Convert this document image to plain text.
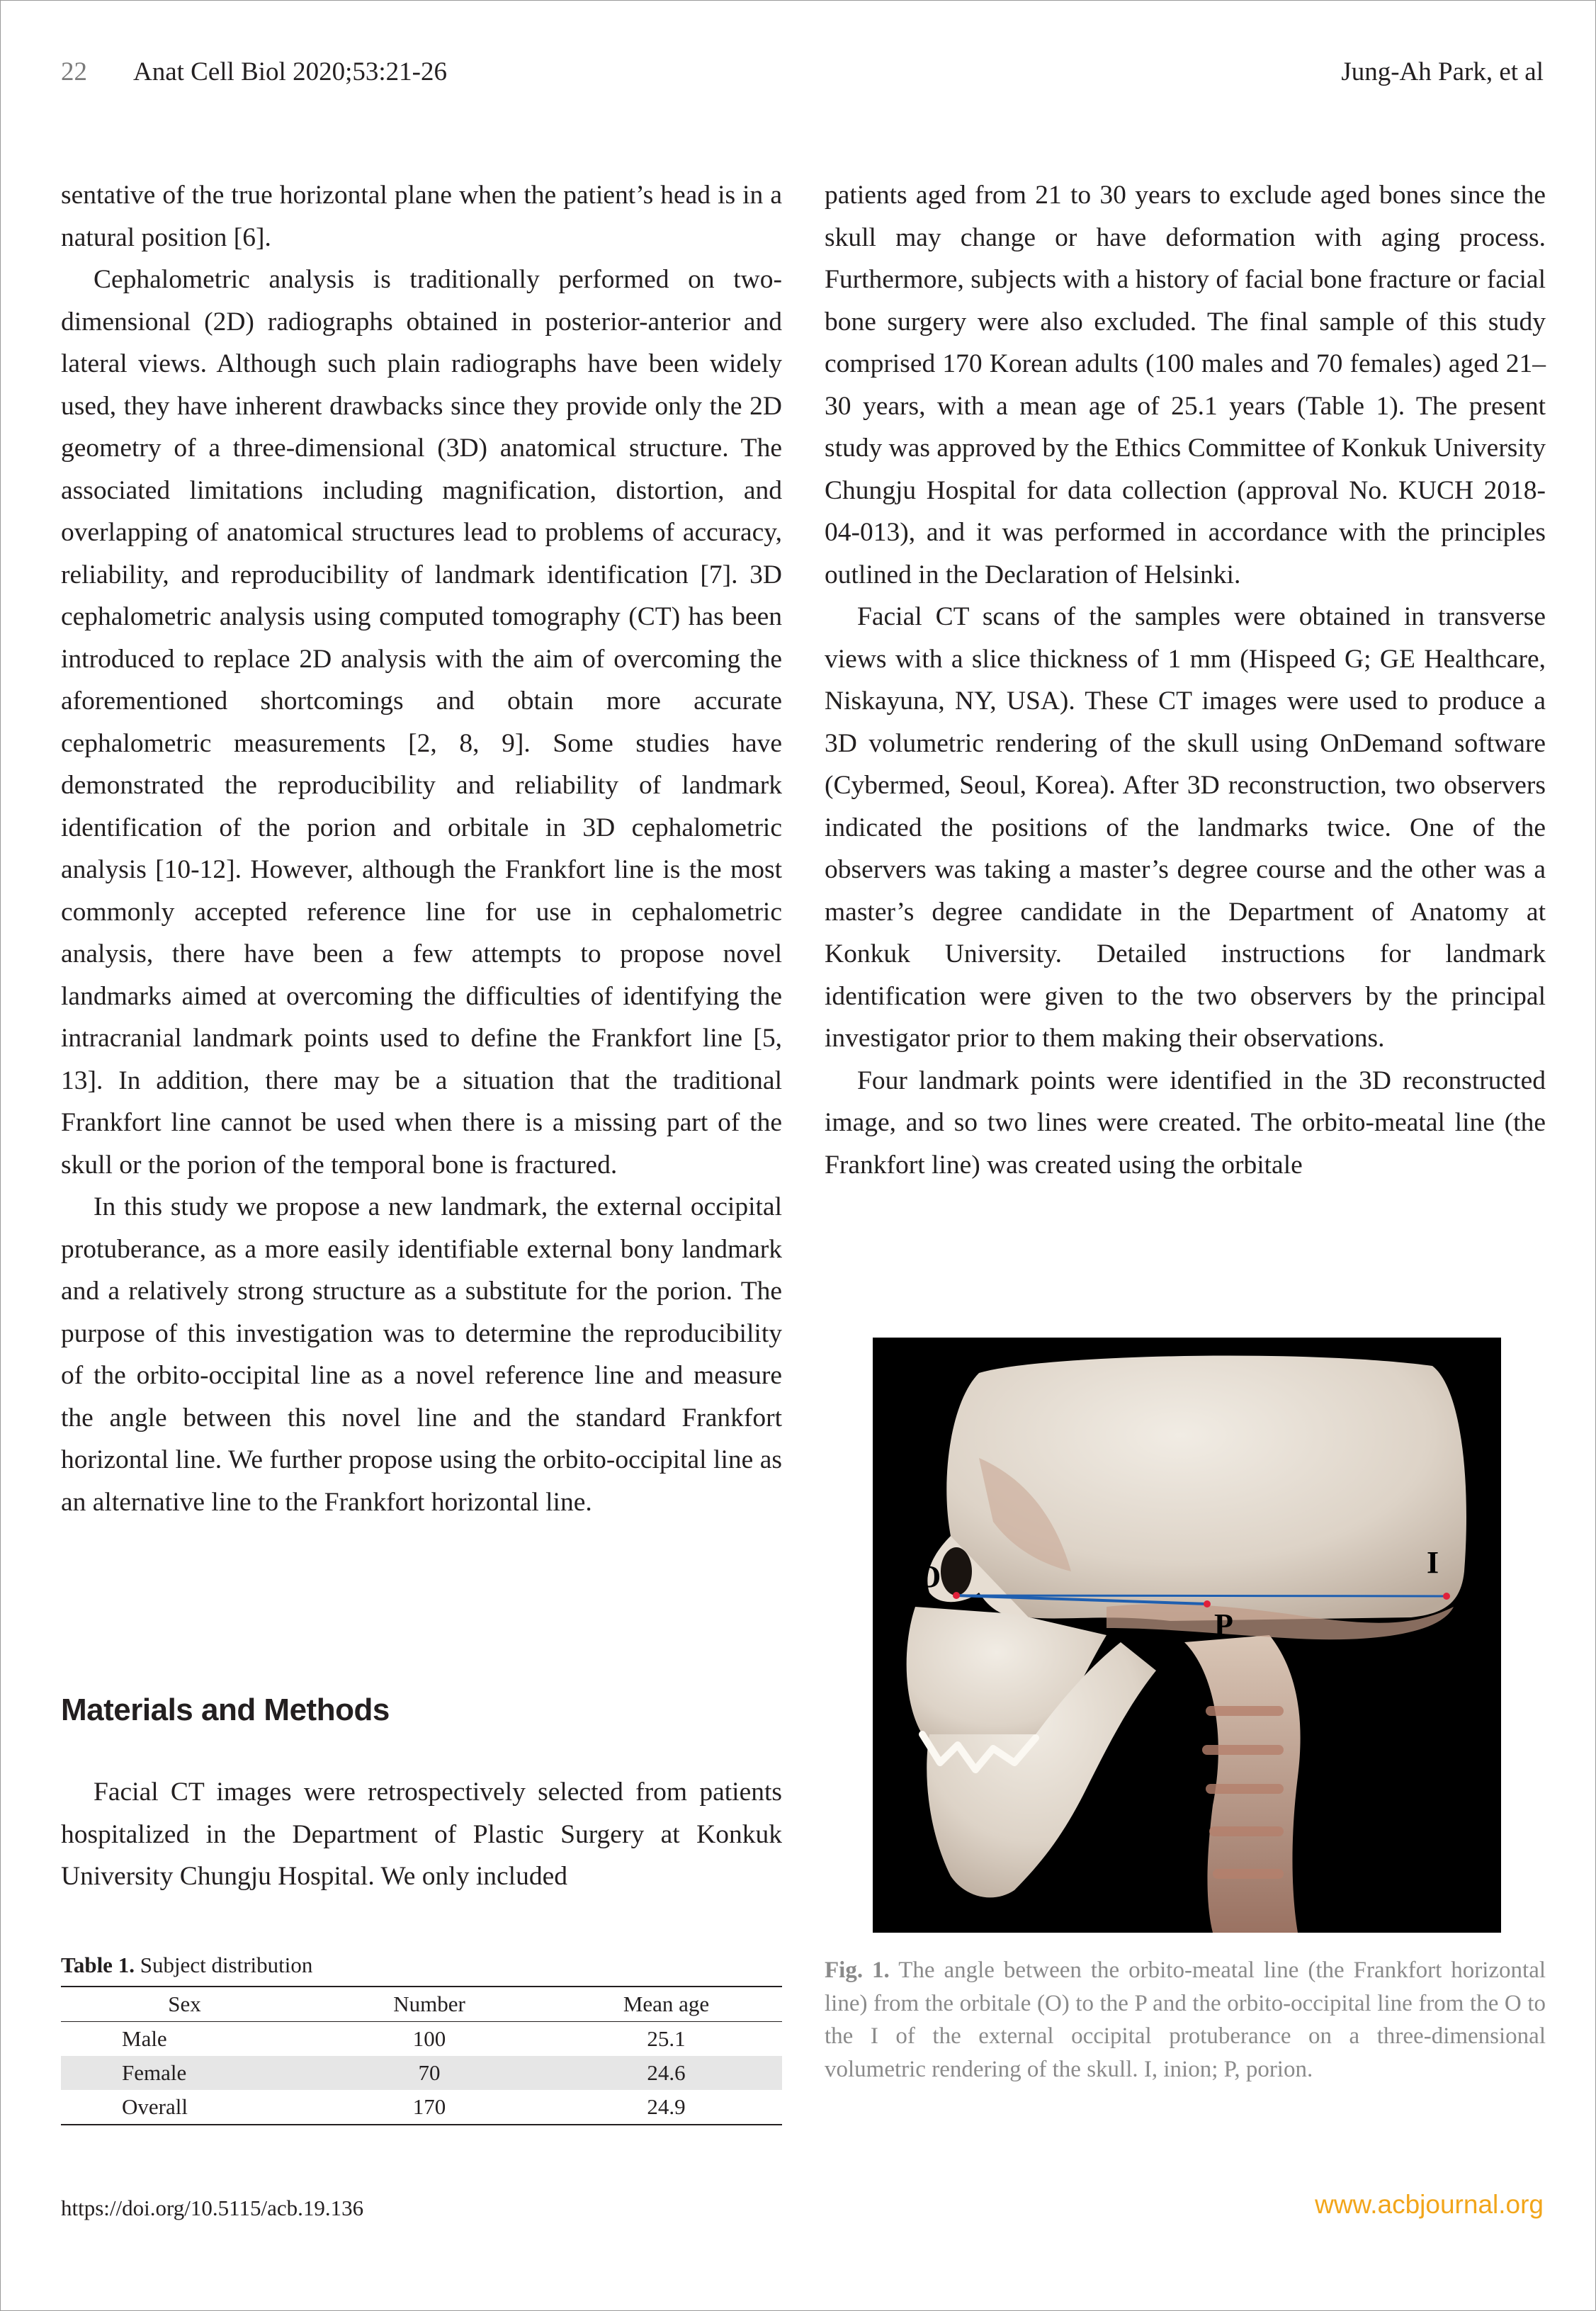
22 Anat Cell Biol 2020;53:21-26	Jung-Ah Park, et al

sentative of the true horizontal plane when the patient’s head is in a natural position [6].

Cephalometric analysis is traditionally performed on two-dimensional (2D) radiographs obtained in posterior-anterior and lateral views. Although such plain radiographs have been widely used, they have inherent drawbacks since they provide only the 2D geometry of a three-dimensional (3D) anatomical structure. The associated limitations including magnification, distortion, and overlapping of anatomical structures lead to problems of accuracy, reliability, and reproducibility of landmark identification [7]. 3D cephalometric analysis using computed tomography (CT) has been introduced to replace 2D analysis with the aim of overcoming the aforementioned shortcomings and obtain more accurate cephalometric measurements [2, 8, 9]. Some studies have demonstrated the reproducibility and reliability of landmark identification of the porion and orbitale in 3D cephalometric analysis [10-12]. However, although the Frankfort line is the most commonly accepted reference line for use in cephalometric analysis, there have been a few attempts to propose novel landmarks aimed at overcoming the difficulties of identifying the intracranial landmark points used to define the Frankfort line [5, 13]. In addition, there may be a situation that the traditional Frankfort line cannot be used when there is a missing part of the skull or the porion of the temporal bone is fractured.

In this study we propose a new landmark, the external occipital protuberance, as a more easily identifiable external bony landmark and a relatively strong structure as a substitute for the porion. The purpose of this investigation was to determine the reproducibility of the orbito-occipital line as a novel reference line and measure the angle between this novel line and the standard Frankfort horizontal line. We further propose using the orbito-occipital line as an alternative line to the Frankfort horizontal line.

Materials and Methods

Facial CT images were retrospectively selected from patients hospitalized in the Department of Plastic Surgery at Konkuk University Chungju Hospital. We only included

patients aged from 21 to 30 years to exclude aged bones since the skull may change or have deformation with aging process. Furthermore, subjects with a history of facial bone fracture or facial bone surgery were also excluded. The final sample of this study comprised 170 Korean adults (100 males and 70 females) aged 21–30 years, with a mean age of 25.1 years (Table 1). The present study was approved by the Ethics Committee of Konkuk University Chungju Hospital for data collection (approval No. KUCH 2018-04-013), and it was performed in accordance with the principles outlined in the Declaration of Helsinki.

Facial CT scans of the samples were obtained in transverse views with a slice thickness of 1 mm (Hispeed G; GE Healthcare, Niskayuna, NY, USA). These CT images were used to produce a 3D volumetric rendering of the skull using OnDemand software (Cybermed, Seoul, Korea). After 3D reconstruction, two observers indicated the positions of the landmarks twice. One of the observers was taking a master’s degree course and the other was a master’s degree candidate in the Department of Anatomy at Konkuk University. Detailed instructions for landmark identification were given to the two observers by the principal investigator prior to them making their observations.

Four landmark points were identified in the 3D reconstructed image, and so two lines were created. The orbito-meatal line (the Frankfort line) was created using the orbitale

O	I
P
Fig. 1. The angle between the orbito-meatal line (the Frankfort horizontal line) from the orbitale (O) to the P and the orbito-occipital line from the O to the I of the external occipital protuberance on a three-dimensional volumetric rendering of the skull. I, inion; P, porion.
Table 1. Subject distribution
Sex	Number	Mean age
Male	100	25.1
Female	70	24.6
Overall	170	24.9
https://doi.org/10.5115/acb.19.136	www.acbjournal.org
